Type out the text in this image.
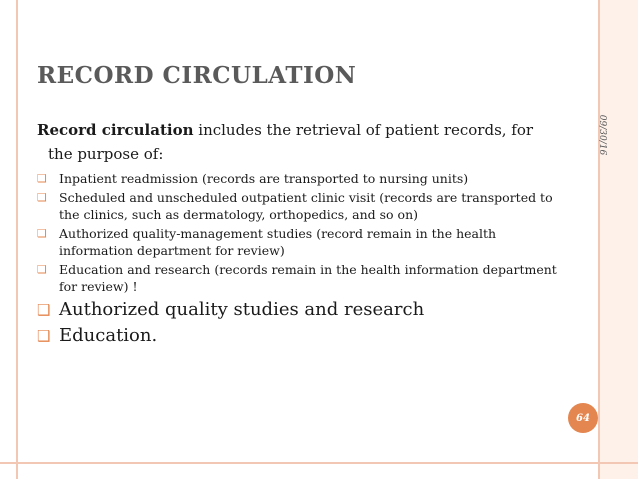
09/30/16
RECORD CIRCULATION

Record circulation includes the retrieval of patient records, for the purpose of:

❑ Inpatient readmission (records are transported to nursing units)
❑ Scheduled and unscheduled outpatient clinic visit (records are transported to the clinics, such as dermatology, orthopedics, and so on)
❑ Authorized quality-management studies (record remain in the health information department for review)
❑ Education and research (records remain in the health information department for review) !
❑ Authorized quality studies and research
❑ Education.
64
